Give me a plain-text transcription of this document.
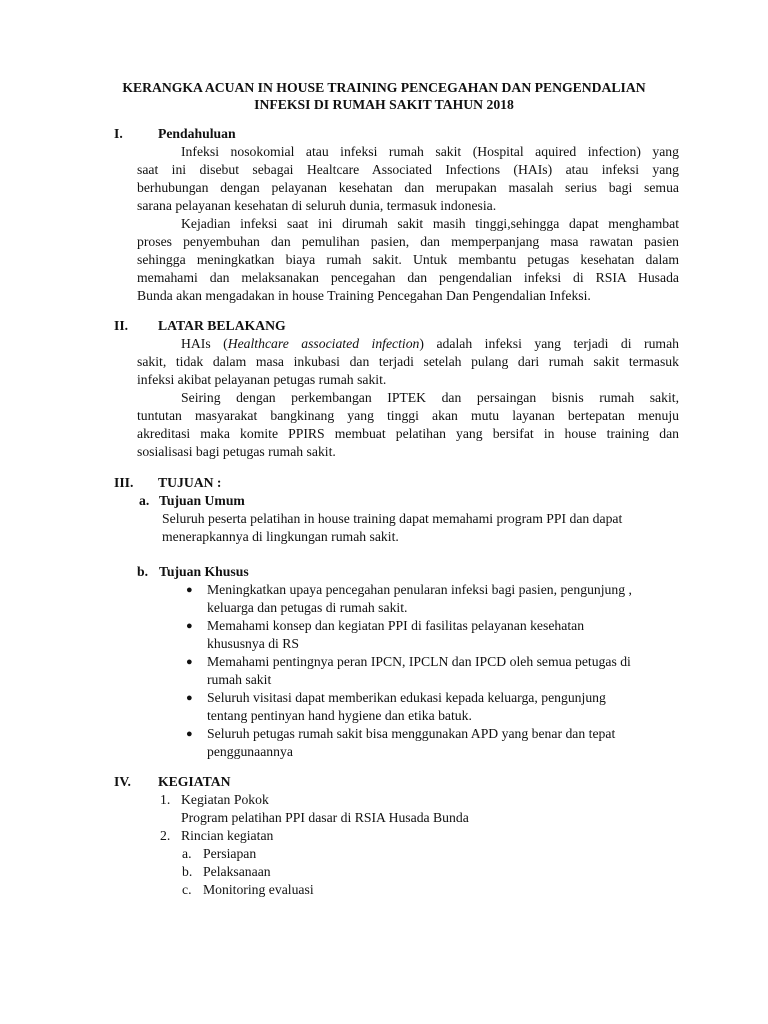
KERANGKA ACUAN IN HOUSE TRAINING PENCEGAHAN DAN PENGENDALIAN
INFEKSI DI RUMAH SAKIT TAHUN 2018
I.	Pendahuluan
Infeksi nosokomial atau infeksi rumah sakit (Hospital aquired infection) yang
saat ini disebut sebagai Healtcare Associated Infections (HAIs) atau infeksi yang
berhubungan dengan pelayanan kesehatan dan merupakan masalah serius bagi semua
sarana pelayanan kesehatan di seluruh dunia, termasuk indonesia.
Kejadian infeksi saat ini dirumah sakit masih tinggi,sehingga dapat menghambat
proses penyembuhan dan pemulihan pasien, dan memperpanjang masa rawatan pasien
sehingga meningkatkan biaya rumah sakit. Untuk membantu petugas kesehatan dalam
memahami dan melaksanakan pencegahan dan pengendalian infeksi di RSIA Husada
Bunda akan mengadakan in house Training Pencegahan Dan Pengendalian Infeksi.
II. LATAR BELAKANG
HAIs (Healthcare associated infection) adalah infeksi yang terjadi di rumah
sakit, tidak dalam masa inkubasi dan terjadi setelah pulang dari rumah sakit termasuk
infeksi akibat pelayanan petugas rumah sakit.
Seiring dengan perkembangan IPTEK dan persaingan bisnis rumah sakit,
tuntutan masyarakat bangkinang yang tinggi akan mutu layanan bertepatan menuju
akreditasi maka komite PPIRS membuat pelatihan yang bersifat in house training dan
sosialisasi bagi petugas rumah sakit.
III. TUJUAN :
a. Tujuan Umum
Seluruh peserta pelatihan in house training dapat memahami program PPI dan dapat
menerapkannya di lingkungan rumah sakit.
b. Tujuan Khusus
● Meningkatkan upaya pencegahan penularan infeksi bagi pasien, pengunjung ,
keluarga dan petugas di rumah sakit.
● Memahami konsep dan kegiatan PPI di fasilitas pelayanan kesehatan
khususnya di RS
● Memahami pentingnya peran IPCN, IPCLN dan IPCD oleh semua petugas di
rumah sakit
● Seluruh visitasi dapat memberikan edukasi kepada keluarga, pengunjung
tentang pentinyan hand hygiene dan etika batuk.
● Seluruh petugas rumah sakit bisa menggunakan APD yang benar dan tepat
penggunaannya
IV. KEGIATAN
1. Kegiatan Pokok
Program pelatihan PPI dasar di RSIA Husada Bunda
2. Rincian kegiatan
a. Persiapan
b. Pelaksanaan
c. Monitoring evaluasi
